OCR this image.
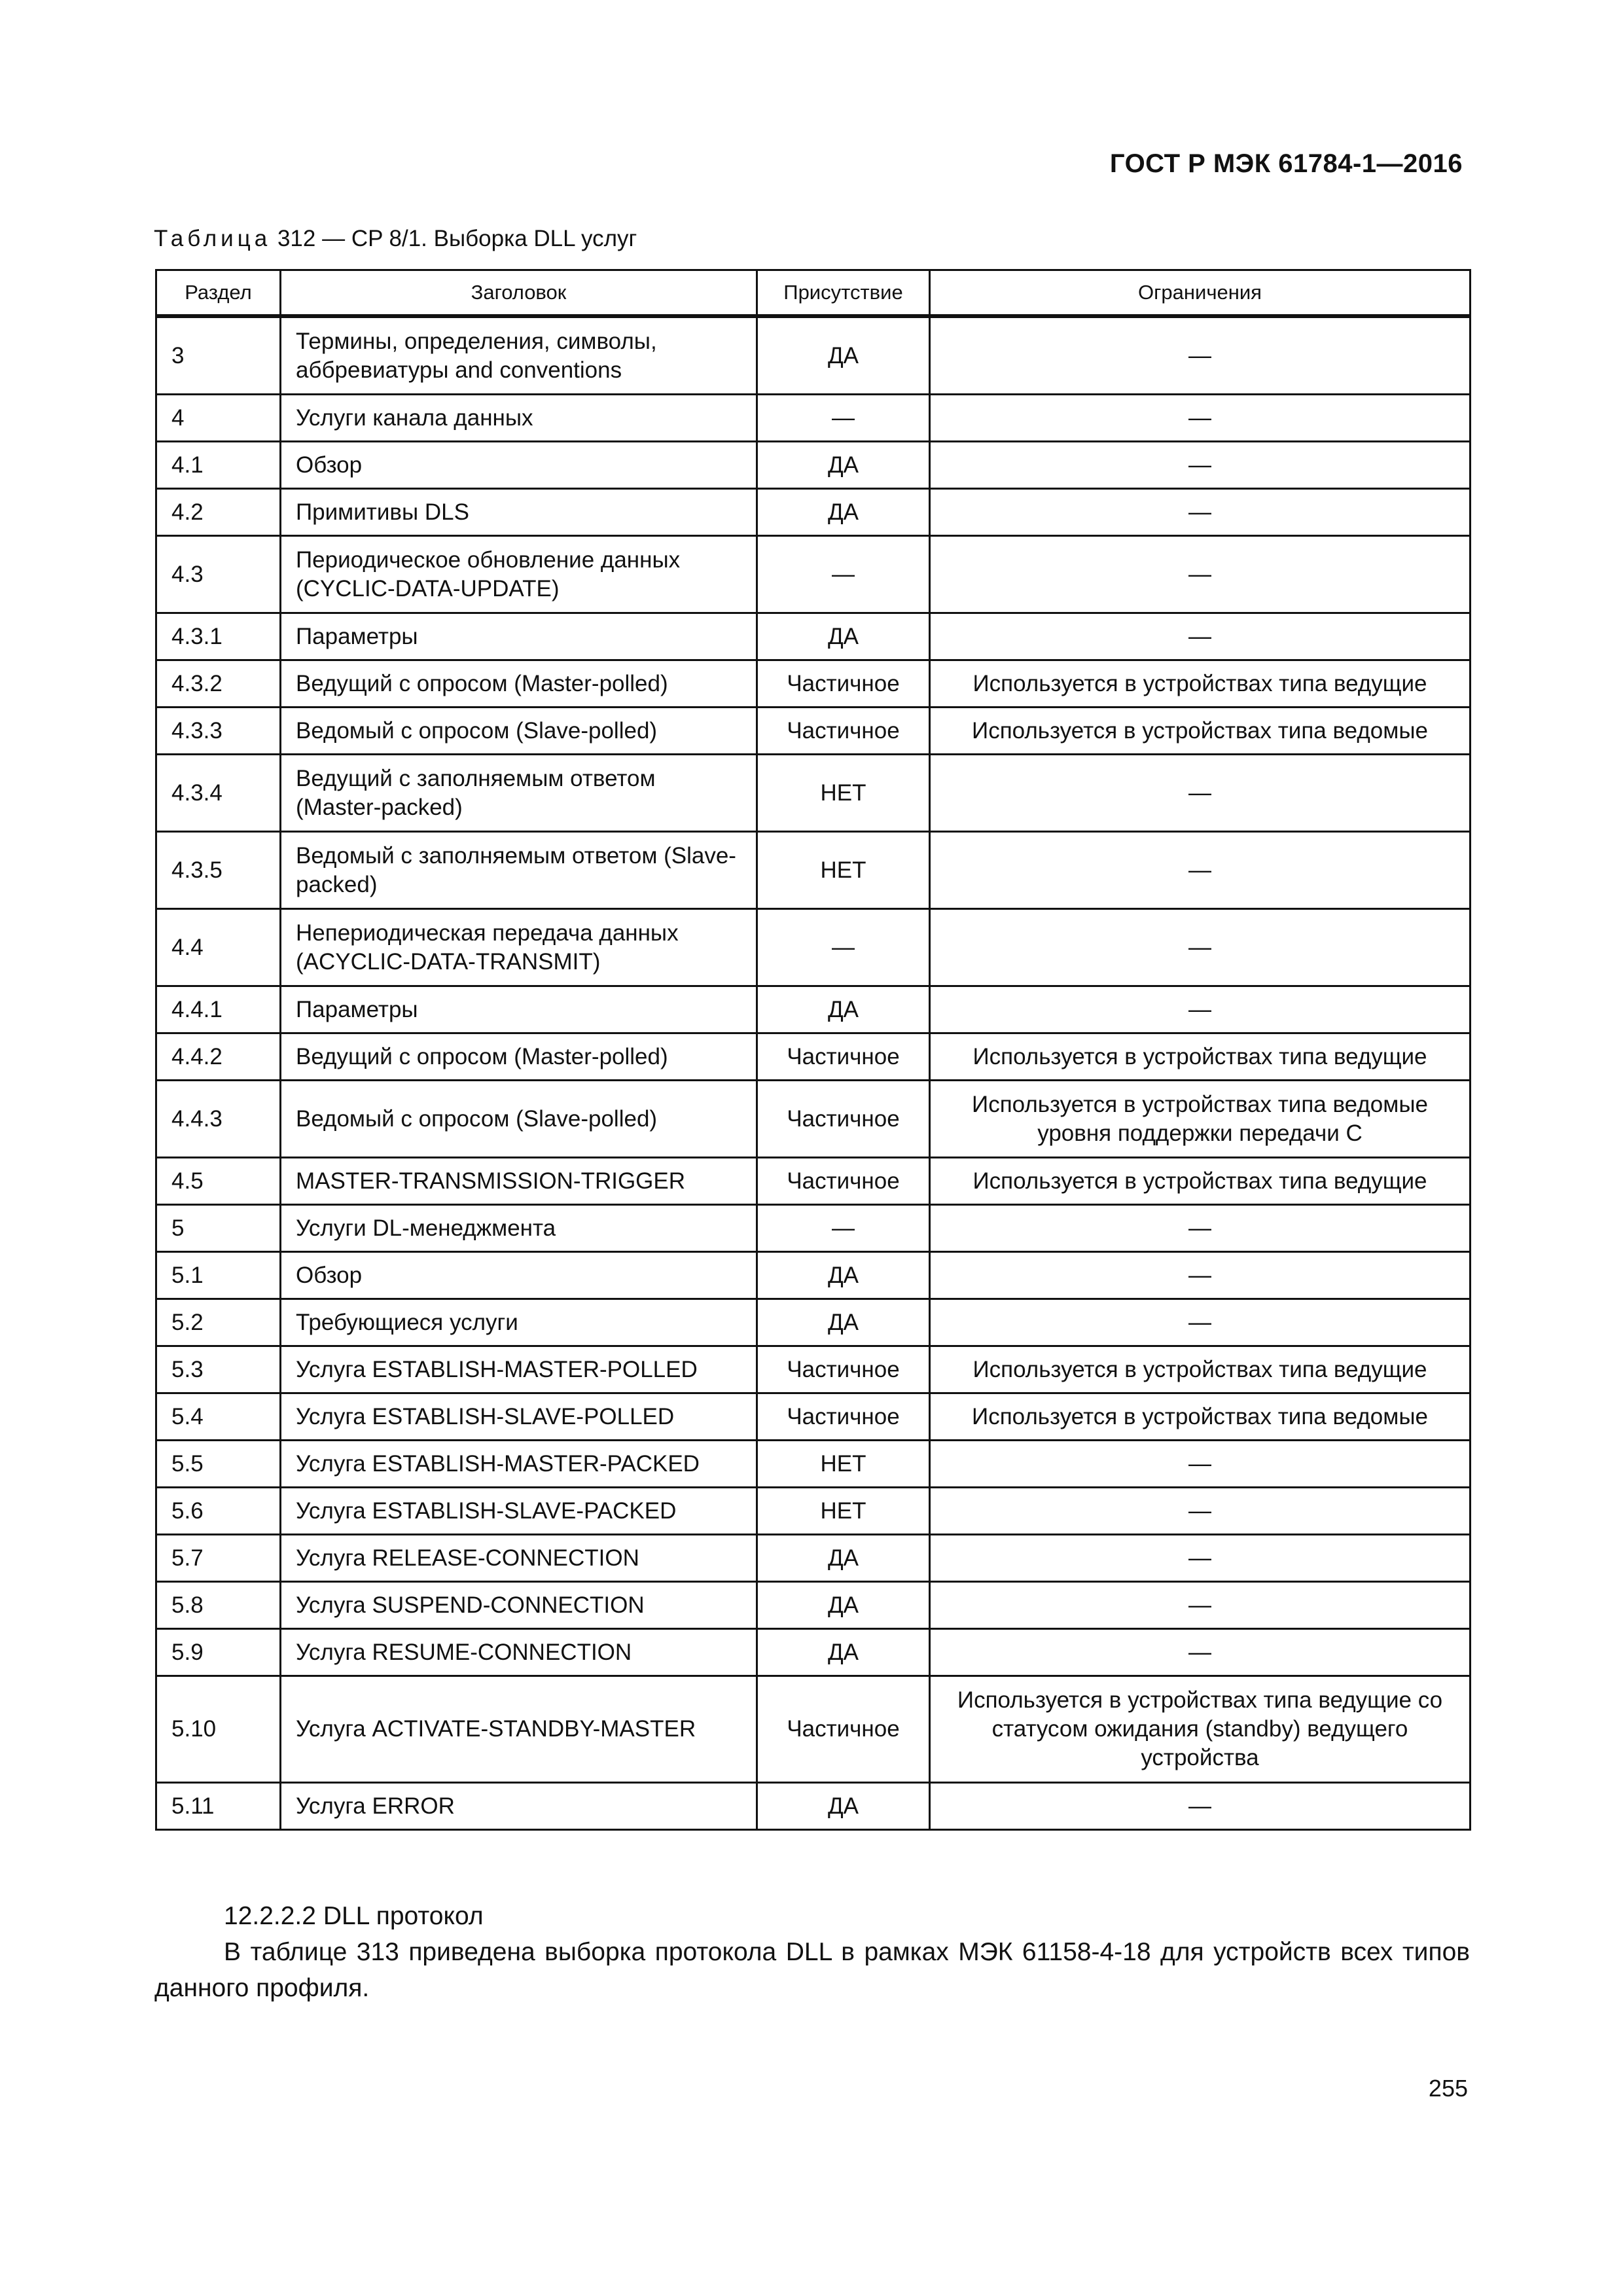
ГОСТ Р МЭК 61784-1—2016
Таблица 312 — CP 8/1. Выборка DLL услуг
Раздел	Заголовок	Присутствие	Ограничения
3	Термины, определения, символы, аббревиатуры and conventions	ДА	—
4	Услуги канала данных	—	—
4.1	Обзор	ДА	—
4.2	Примитивы DLS	ДА	—
4.3	Периодическое обновление данных (CYCLIC-DATA-UPDATE)	—	—
4.3.1	Параметры	ДА	—
4.3.2	Ведущий с опросом (Master-polled)	Частичное	Используется в устройствах типа ведущие
4.3.3	Ведомый с опросом (Slave-polled)	Частичное	Используется в устройствах типа ведомые
4.3.4	Ведущий с заполняемым ответом (Master-packed)	НЕТ	—
4.3.5	Ведомый с заполняемым ответом (Slave-packed)	НЕТ	—
4.4	Непериодическая передача данных (ACYCLIC-DATA-TRANSMIT)	—	—
4.4.1	Параметры	ДА	—
4.4.2	Ведущий с опросом (Master-polled)	Частичное	Используется в устройствах типа ведущие
4.4.3	Ведомый с опросом (Slave-polled)	Частичное	Используется в устройствах типа ведомые уровня поддержки передачи C
4.5	MASTER-TRANSMISSION-TRIGGER	Частичное	Используется в устройствах типа ведущие
5	Услуги DL-менеджмента	—	—
5.1	Обзор	ДА	—
5.2	Требующиеся услуги	ДА	—
5.3	Услуга ESTABLISH-MASTER-POLLED	Частичное	Используется в устройствах типа ведущие
5.4	Услуга ESTABLISH-SLAVE-POLLED	Частичное	Используется в устройствах типа ведомые
5.5	Услуга ESTABLISH-MASTER-PACKED	НЕТ	—
5.6	Услуга ESTABLISH-SLAVE-PACKED	НЕТ	—
5.7	Услуга RELEASE-CONNECTION	ДА	—
5.8	Услуга SUSPEND-CONNECTION	ДА	—
5.9	Услуга RESUME-CONNECTION	ДА	—
5.10	Услуга ACTIVATE-STANDBY-MASTER	Частичное	Используется в устройствах типа ведущие со статусом ожидания (standby) ведущего устройства
5.11	Услуга ERROR	ДА	—
12.2.2.2 DLL протокол
В таблице 313 приведена выборка протокола DLL в рамках МЭК 61158-4-18 для устройств всех типов данного профиля.
255
